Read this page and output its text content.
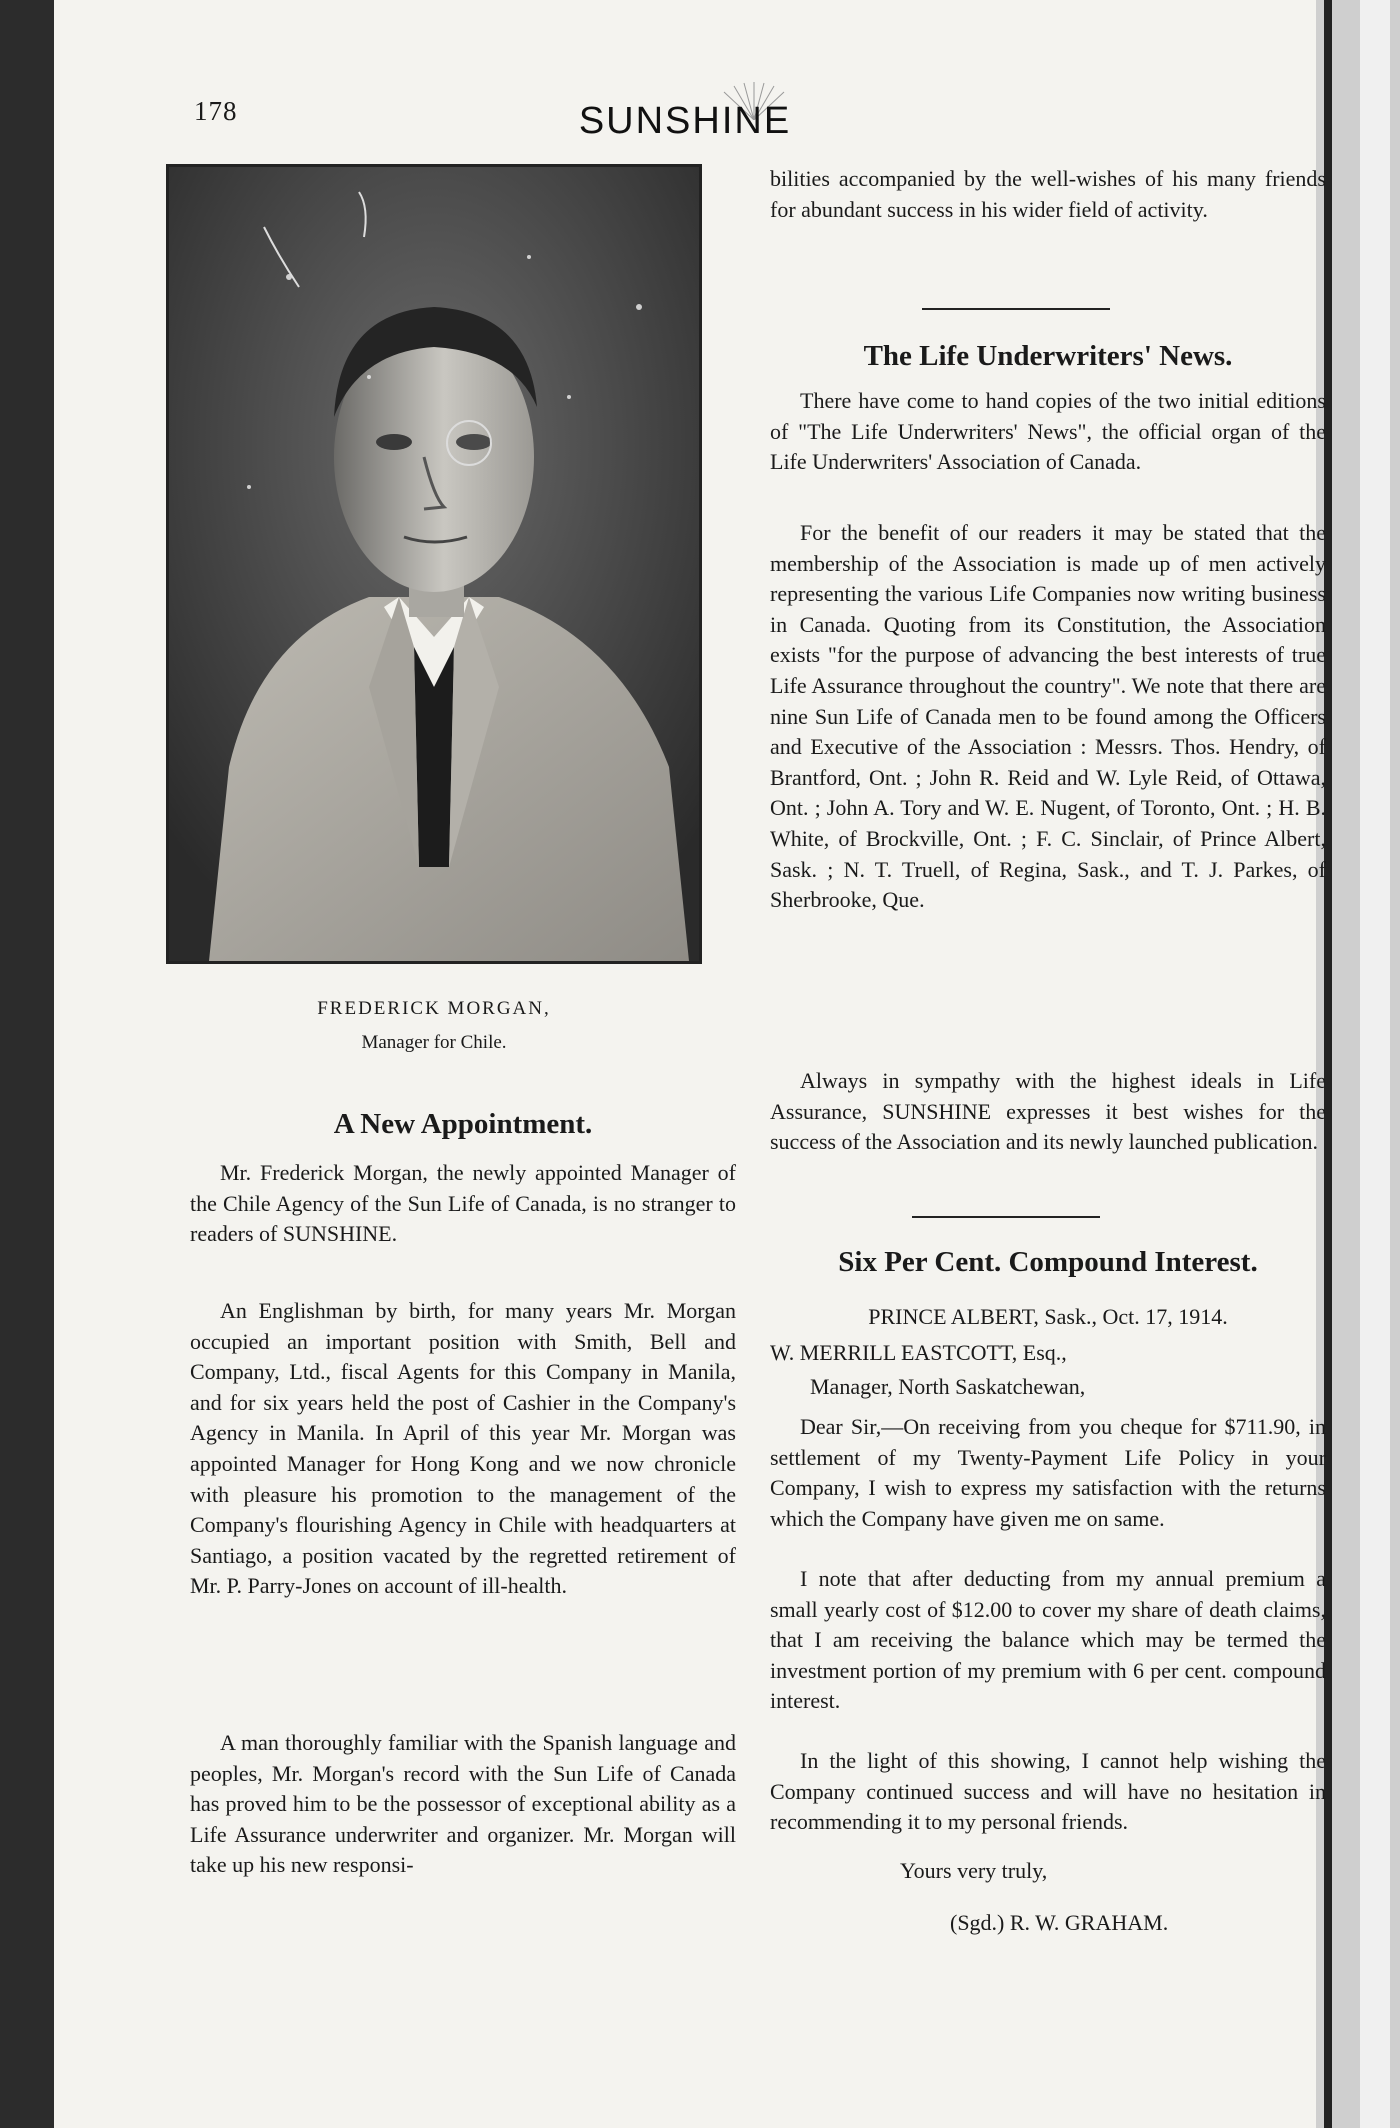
178	SUNSHINE
FREDERICK MORGAN,
Manager for Chile.
A New Appointment.
Mr. Frederick Morgan, the newly appointed Manager of the Chile Agency of the Sun Life of Canada, is no stranger to readers of SUNSHINE.
An Englishman by birth, for many years Mr. Morgan occupied an important position with Smith, Bell and Company, Ltd., fiscal Agents for this Company in Manila, and for six years held the post of Cashier in the Company's Agency in Manila. In April of this year Mr. Morgan was appointed Manager for Hong Kong and we now chronicle with pleasure his promotion to the management of the Company's flourishing Agency in Chile with headquarters at Santiago, a position vacated by the regretted retirement of Mr. P. Parry-Jones on account of ill-health.
A man thoroughly familiar with the Spanish language and peoples, Mr. Morgan's record with the Sun Life of Canada has proved him to be the possessor of exceptional ability as a Life Assurance underwriter and organizer. Mr. Morgan will take up his new responsi-
bilities accompanied by the well-wishes of his many friends for abundant success in his wider field of activity.
The Life Underwriters' News.
There have come to hand copies of the two initial editions of "The Life Underwriters' News", the official organ of the Life Underwriters' Association of Canada.
For the benefit of our readers it may be stated that the membership of the Association is made up of men actively representing the various Life Companies now writing business in Canada. Quoting from its Constitution, the Association exists "for the purpose of advancing the best interests of true Life Assurance throughout the country". We note that there are nine Sun Life of Canada men to be found among the Officers and Executive of the Association : Messrs. Thos. Hendry, of Brantford, Ont. ; John R. Reid and W. Lyle Reid, of Ottawa, Ont. ; John A. Tory and W. E. Nugent, of Toronto, Ont. ; H. B. White, of Brockville, Ont. ; F. C. Sinclair, of Prince Albert, Sask. ; N. T. Truell, of Regina, Sask., and T. J. Parkes, of Sherbrooke, Que.
Always in sympathy with the highest ideals in Life Assurance, SUNSHINE expresses it best wishes for the success of the Association and its newly launched publication.
Six Per Cent. Compound Interest.
PRINCE ALBERT, Sask., Oct. 17, 1914.
W. MERRILL EASTCOTT, Esq.,
Manager, North Saskatchewan,
Dear Sir,—On receiving from you cheque for $711.90, in settlement of my Twenty-Payment Life Policy in your Company, I wish to express my satisfaction with the returns which the Company have given me on same.
I note that after deducting from my annual premium a small yearly cost of $12.00 to cover my share of death claims, that I am receiving the balance which may be termed the investment portion of my premium with 6 per cent. compound interest.
In the light of this showing, I cannot help wishing the Company continued success and will have no hesitation in recommending it to my personal friends.
Yours very truly,
(Sgd.) R. W. GRAHAM.
